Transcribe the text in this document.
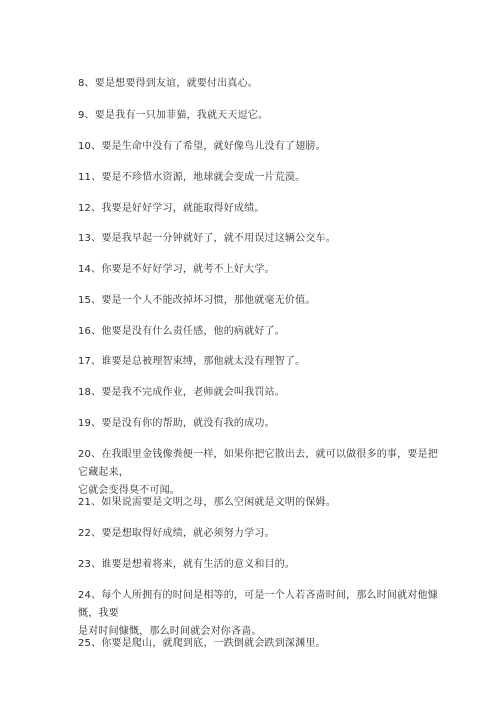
8、要是想要得到友谊，就要付出真心。
9、要是我有一只加菲猫，我就天天逗它。
10、要是生命中没有了希望，就好像鸟儿没有了翅膀。
11、要是不珍惜水资源，地球就会变成一片荒漠。
12、我要是好好学习，就能取得好成绩。
13、要是我早起一分钟就好了，就不用误过这辆公交车。
14、你要是不好好学习，就考不上好大学。
15、要是一个人不能改掉坏习惯，那他就毫无价值。
16、他要是没有什么责任感，他的病就好了。
17、谁要是总被理智束缚，那他就太没有理智了。
18、要是我不完成作业，老师就会叫我罚站。
19、要是没有你的帮助，就没有我的成功。
20、在我眼里金钱像粪便一样，如果你把它散出去，就可以做很多的事，要是把它藏起来，
它就会变得臭不可闻。
21、如果说需要是文明之母，那么空闲就是文明的保姆。
22、要是想取得好成绩，就必须努力学习。
23、谁要是想着将来，就有生活的意义和目的。
24、每个人所拥有的时间是相等的，可是一个人若吝啬时间，那么时间就对他慷慨，我要
是对时间慷慨，那么时间就会对你吝啬。
25、你要是爬山，就爬到底，一跌倒就会跌到深渊里。
